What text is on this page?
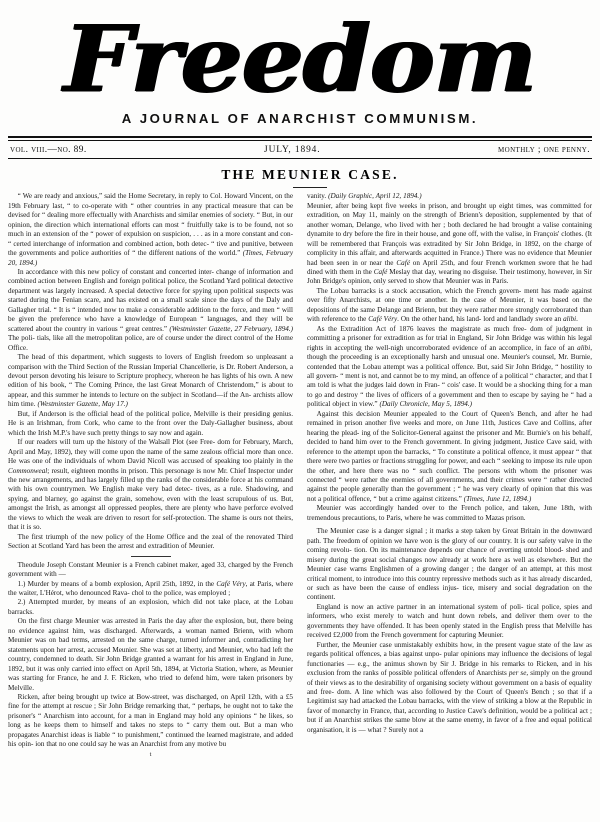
Freedom
A JOURNAL OF ANARCHIST COMMUNISM.
vol. viii.—no. 89.	JULY, 1894.	monthly ; one penny.
THE MEUNIER CASE.

“ We are ready and anxious,” said the Home Secretary, in reply to Col. Howard Vincent, on the 19th February last, “ to co-operate with “ other countries in any practical measure that can be devised for “ dealing more effectually with Anarchists and similar enemies of society. “ But, in our opinion, the direction which international efforts can most “ fruitfully take is to be found, not so much in an extension of the “ power of expulsion on suspicion, . . . as in a more constant and con- “ certed interchange of information and combined action, both detec- “ tive and punitive, between the governments and police authorities of “ the different nations of the world.” (Times, February 20, 1894.)

In accordance with this new policy of constant and concerted inter- change of information and combined action between English and foreign political police, the Scotland Yard political detective department was largely increased. A special detective force for spying upon political suspects was started during the Fenian scare, and has existed on a small scale since the days of the Daly and Gallagher trial. “ It is “ intended now to make a considerable addition to the force, and men “ will be given the preference who have a knowledge of European “ languages, and they will be scattered about the country in various “ great centres.” (Westminster Gazette, 27 February, 1894.) The poli- tials, like all the metropolitan police, are of course under the direct control of the Home Office.

The head of this department, which suggests to lovers of English freedom so unpleasant a comparison with the Third Section of the Russian Imperial Chancellerie, is Dr. Robert Anderson, a devout person devoting his leisure to Scripture prophecy, whereon he has lights of his own. A new edition of his book, “ The Coming Prince, the last Great Monarch of Christendom,” is about to appear, and this summer he intends to lecture on the subject in Scotland—if the An- archists allow him time. (Westminster Gazette, May 17.)

But, if Anderson is the official head of the political police, Melville is their presiding genius. He is an Irishman, from Cork, who came to the front over the Daly-Gallagher business, about which the Irish M.P.'s have such pretty things to say now and again.

If our readers will turn up the history of the Walsall Plot (see Free- dom for February, March, April and May, 1892), they will come upon the name of the same zealous official more than once. He was one of the individuals of whom David Nicoll was accused of speaking too plainly in the Commonweal; result, eighteen months in prison. This personage is now Mr. Chief Inspector under the new arrangements, and has largely filled up the ranks of the considerable force at his command with his own countrymen. We English make very bad detec- tives, as a rule. Shadowing, and spying, and blarney, go against the grain, somehow, even with the least scrupulous of us. But, amongst the Irish, as amongst all oppressed peoples, there are plenty who have perforce evolved the views to which the weak are driven to resort for self-protection. The shame is ours not theirs, that it is so.

The first triumph of the new policy of the Home Office and the zeal of the renovated Third Section at Scotland Yard has been the arrest and extradition of Meunier.

Theodule Joseph Constant Meunier is a French cabinet maker, aged 33, charged by the French government with —

1.) Murder by means of a bomb explosion, April 25th, 1892, in the Café Véry, at Paris, where the waiter, L'Hérot, who denounced Rava- chol to the police, was employed ;

2.) Attempted murder, by means of an explosion, which did not take place, at the Lobau barracks.

On the first charge Meunier was arrested in Paris the day after the explosion, but, there being no evidence against him, was discharged. Afterwards, a woman named Brienn, with whom Meunier was on bad terms, arrested on the same charge, turned informer and, contradicting her statements upon her arrest, accused Meunier. She was set at liberty, and Meunier, who had left the country, condemned to death. Sir John Bridge granted a warrant for his arrest in England in June, 1892, but it was only carried into effect on April 5th, 1894, at Victoria Station, where, as Meunier was starting for France, he and J. F. Ricken, who tried to defend him, were taken prisoners by Melville.

Ricken, after being brought up twice at Bow-street, was discharged, on April 12th, with a £5 fine for the attempt at rescue ; Sir John Bridge remarking that, “ perhaps, he ought not to take the prisoner's “ Anarchism into account, for a man in England may hold any opinions “ he likes, so long as he keeps them to himself and takes no steps to “ carry them out. But a man who propagates Anarchist ideas is liable “ to punishment,” continued the learned magistrate, and added his opin- ion that no one could say he was an Anarchist from any motive bu

t

vanity. (Daily Graphic, April 12, 1894.)

Meunier, after being kept five weeks in prison, and brought up eight times, was committed for extradition, on May 11, mainly on the strength of Brienn's deposition, supplemented by that of another woman, Delange, who lived with her ; both declared he had brought a valise containing dynamite to dry before the fire in their house, and gone off, with the valise, in François' clothes. (It will be remembered that François was extradited by Sir John Bridge, in 1892, on the charge of complicity in this affair, and afterwards acquitted in France.) There was no evidence that Meunier had been seen in or near the Café on April 25th, and four French workmen swore that he had dined with them in the Café Meslay that day, wearing no disguise. Their testimony, however, in Sir John Bridge's opinion, only served to show that Meunier was in Paris.

The Lobau barracks is a stock accusation, which the French govern- ment has made against over fifty Anarchists, at one time or another. In the case of Meunier, it was based on the depositions of the same Delange and Brienn, but they were rather more strongly corroborated than with reference to the Café Véry. On the other hand, his land- lord and landlady swore an alibi.

As the Extradition Act of 1876 leaves the magistrate as much free- dom of judgment in committing a prisoner for extradition as for trial in England, Sir John Bridge was within his legal rights in accepting the well-nigh uncorroborated evidence of an accomplice, in face of an alibi, though the proceeding is an exceptionally harsh and unusual one. Meunier's counsel, Mr. Burnie, contended that the Lobau attempt was a political offence. But, said Sir John Bridge, “ hostility to all govern- “ ment is not, and cannot be to my mind, an offence of a political “ character, and that I am told is what the judges laid down in Fran- “ cois' case. It would be a shocking thing for a man to go and destroy “ the lives of officers of a government and then to escape by saying he “ had a political object in view.” (Daily Chronicle, May 5, 1894.)

Against this decision Meunier appealed to the Court of Queen's Bench, and after he had remained in prison another five weeks and more, on June 11th, Justices Cave and Collins, after hearing the plead- ing of the Solicitor-General against the prisoner and Mr. Burnie's on his behalf, decided to hand him over to the French government. In giving judgment, Justice Cave said, with reference to the attempt upon the barracks, “ To constitute a political offence, it must appear “ that there were two parties or fractions struggling for power, and each “ seeking to impose its rule upon the other, and here there was no “ such conflict. The persons with whom the prisoner was connected “ were rather the enemies of all governments, and their crimes were “ rather directed against the people generally than the government ; “ he was very clearly of opinion that this was not a political offence, “ but a crime against citizens.” (Times, June 12, 1894.)

Meunier was accordingly handed over to the French police, and taken, June 18th, with tremendous precautions, to Paris, where he was committed to Mazas prison.

The Meunier case is a danger signal ; it marks a step taken by Great Britain in the downward path. The freedom of opinion we have won is the glory of our country. It is our safety valve in the coming revolu- tion. On its maintenance depends our chance of averting untold blood- shed and misery during the great social changes now already at work here as well as elsewhere. But the Meunier case warns Englishmen of a growing danger ; the danger of an attempt, at this most critical moment, to introduce into this country repressive methods such as it has already discarded, or such as have been the cause of endless injus- tice, misery and social degradation on the continent.

England is now an active partner in an international system of poli- tical police, spies and informers, who exist merely to watch and hunt down rebels, and deliver them over to the governments they have offended. It has been openly stated in the English press that Melville has received £2,000 from the French government for capturing Meunier.

Further, the Meunier case unmistakably exhibits how, in the present vague state of the law as regards political offences, a bias against unpo- pular opinions may influence the decisions of legal functionaries — e.g., the animus shown by Sir J. Bridge in his remarks to Ricken, and in his exclusion from the ranks of possible political offenders of Anarchists per se, simply on the ground of their views as to the desirability of organising society without government on a basis of equality and free- dom. A line which was also followed by the Court of Queen's Bench ; so that if a Legitimist say had attacked the Lobau barracks, with the view of striking a blow at the Republic in favor of monarchy in France, that, according to Justice Cave's definition, would be a political act ; but if an Anarchist strikes the same blow at the same enemy, in favor of a free and equal political organisation, it is — what ? Surely not a
